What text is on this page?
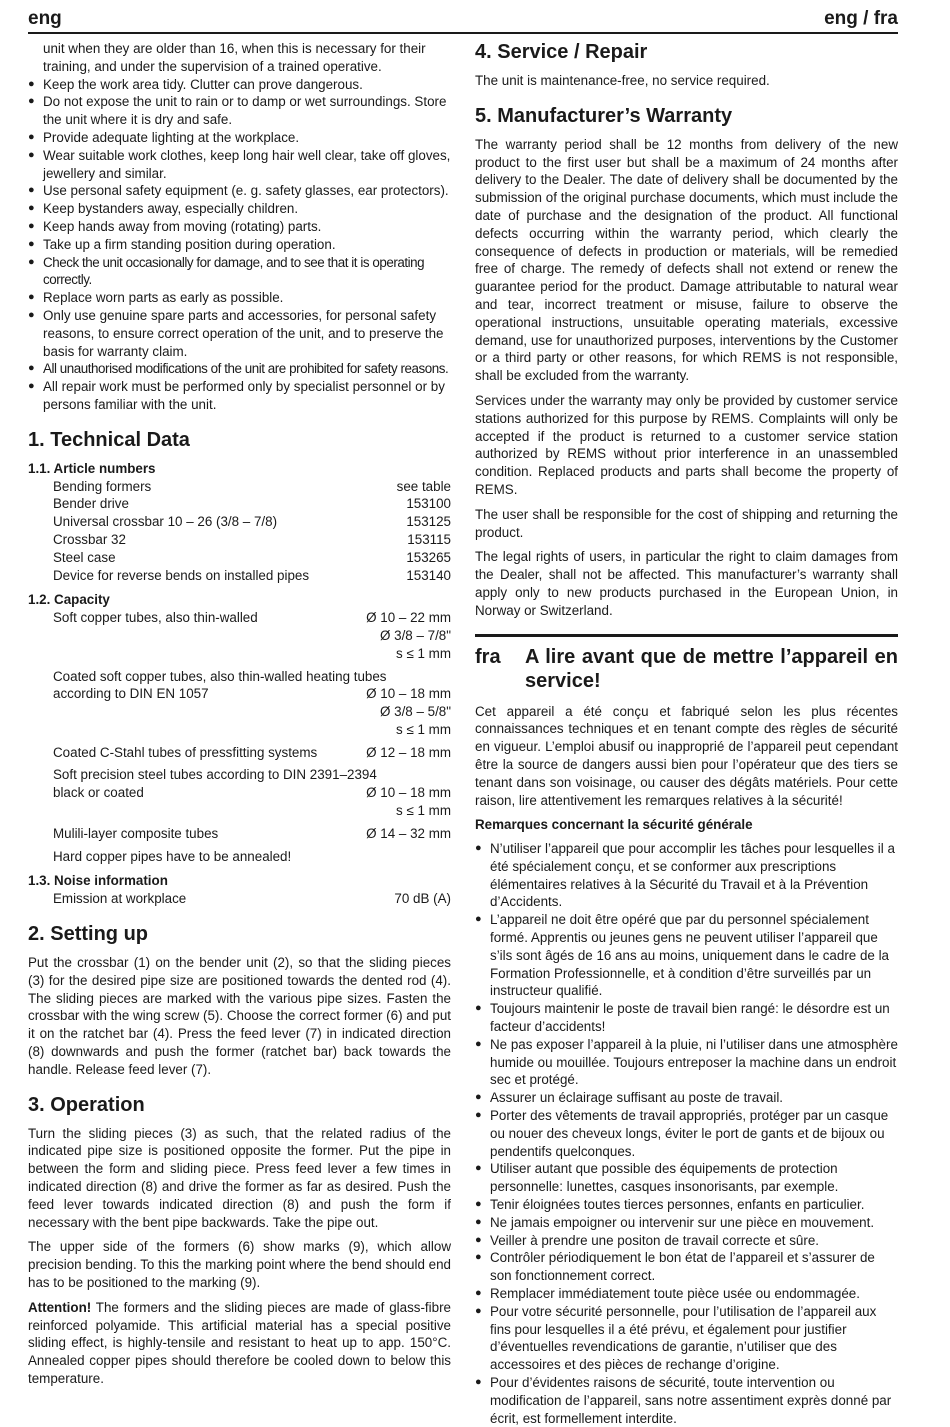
eng	eng / fra
unit when they are older than 16, when this is necessary for their training, and under the supervision of a trained operative.
● Keep the work area tidy. Clutter can prove dangerous.
● Do not expose the unit to rain or to damp or wet surroundings. Store the unit where it is dry and safe.
● Provide adequate lighting at the workplace.
● Wear suitable work clothes, keep long hair well clear, take off gloves, jewellery and similar.
● Use personal safety equipment (e. g. safety glasses, ear protectors).
● Keep bystanders away, especially children.
● Keep hands away from moving (rotating) parts.
● Take up a firm standing position during operation.
● Check the unit occasionally for damage, and to see that it is operating correctly.
● Replace worn parts as early as possible.
● Only use genuine spare parts and accessories, for personal safety reasons, to ensure correct operation of the unit, and to preserve the basis for warranty claim.
● All unauthorised modifications of the unit are prohibited for safety reasons.
● All repair work must be performed only by specialist personnel or by persons familiar with the unit.
1. Technical Data
1.1. Article numbers
Bending formers	see table
Bender drive	153100
Universal crossbar 10 – 26 (3/8 – 7/8)	153125
Crossbar 32	153115
Steel case	153265
Device for reverse bends on installed pipes	153140
1.2. Capacity
Soft copper tubes, also thin-walled	Ø 10 – 22 mm
Ø 3/8 – 7/8"
s ≤ 1 mm
Coated soft copper tubes, also thin-walled heating tubes
according to DIN EN 1057	Ø 10 – 18 mm
Ø 3/8 – 5/8"
s ≤ 1 mm
Coated C-Stahl tubes of pressfitting systems	Ø 12 – 18 mm
Soft precision steel tubes according to DIN 2391–2394
black or coated	Ø 10 – 18 mm
s ≤ 1 mm
Mulili-layer composite tubes	Ø 14 – 32 mm
Hard copper pipes have to be annealed!
1.3. Noise information
Emission at workplace	70 dB (A)
2. Setting up

Put the crossbar (1) on the bender unit (2), so that the sliding pieces (3) for the desired pipe size are positioned towards the dented rod (4). The sliding pieces are marked with the various pipe sizes. Fasten the crossbar with the wing screw (5). Choose the correct former (6) and put it on the ratchet bar (4). Press the feed lever (7) in indicated direction (8) downwards and push the former (ratchet bar) back towards the handle. Release feed lever (7).

3. Operation

Turn the sliding pieces (3) as such, that the related radius of the indicated pipe size is positioned opposite the former. Put the pipe in between the form and sliding piece. Press feed lever a few times in indicated direction (8) and drive the former as far as desired. Push the feed lever towards indicated direction (8) and push the form if necessary with the bent pipe backwards. Take the pipe out.

The upper side of the formers (6) show marks (9), which allow precision bending. To this the marking point where the bend should end has to be positioned to the marking (9).

Attention! The formers and the sliding pieces are made of glass-fibre reinforced polyamide. This artificial material has a special positive sliding effect, is highly-tensile and resistant to heat up to app. 150°C. Annealed copper pipes should therefore be cooled down to below this temperature.

4. Service / Repair

The unit is maintenance-free, no service required.

5. Manufacturer’s Warranty

The warranty period shall be 12 months from delivery of the new product to the first user but shall be a maximum of 24 months after delivery to the Dealer. The date of delivery shall be documented by the submission of the original purchase documents, which must include the date of purchase and the designation of the product. All functional defects occurring within the warranty period, which clearly the consequence of defects in production or materials, will be remedied free of charge. The remedy of defects shall not extend or renew the guarantee period for the product. Damage attributable to natural wear and tear, incorrect treatment or misuse, failure to observe the operational instructions, unsuitable operating materials, excessive demand, use for unauthorized purposes, interventions by the Customer or a third party or other reasons, for which REMS is not responsible, shall be excluded from the warranty.

Services under the warranty may only be provided by customer service stations authorized for this purpose by REMS. Complaints will only be accepted if the product is returned to a customer service station authorized by REMS without prior interference in an unassembled condition. Replaced products and parts shall become the property of REMS.

The user shall be responsible for the cost of shipping and returning the product.

The legal rights of users, in particular the right to claim damages from the Dealer, shall not be affected. This manufacturer’s warranty shall apply only to new products purchased in the European Union, in Norway or Switzerland.

fra	A lire avant que de mettre l’appareil en service!

Cet appareil a été conçu et fabriqué selon les plus récentes connaissances techniques et en tenant compte des règles de sécurité en vigueur. L’emploi abusif ou inapproprié de l’appareil peut cependant être la source de dangers aussi bien pour l’opérateur que des tiers se tenant dans son voisinage, ou causer des dégâts matériels. Pour cette raison, lire attentivement les remarques relatives à la sécurité!

Remarques concernant la sécurité générale
● N’utiliser l’appareil que pour accomplir les tâches pour lesquelles il a été spécialement conçu, et se conformer aux prescriptions élémentaires relatives à la Sécurité du Travail et à la Prévention d’Accidents.
● L’appareil ne doit être opéré que par du personnel spécialement formé. Apprentis ou jeunes gens ne peuvent utiliser l’appareil que s’ils sont âgés de 16 ans au moins, uniquement dans le cadre de la Formation Professionnelle, et à condition d’être surveillés par un instructeur qualifié.
● Toujours maintenir le poste de travail bien rangé: le désordre est un facteur d’accidents!
● Ne pas exposer l’appareil à la pluie, ni l’utiliser dans une atmosphère humide ou mouillée. Toujours entreposer la machine dans un endroit sec et protégé.
● Assurer un éclairage suffisant au poste de travail.
● Porter des vêtements de travail appropriés, protéger par un casque ou nouer des cheveux longs, éviter le port de gants et de bijoux ou pendentifs quelconques.
● Utiliser autant que possible des équipements de protection personnelle: lunettes, casques insonorisants, par exemple.
● Tenir éloignées toutes tierces personnes, enfants en particulier.
● Ne jamais empoigner ou intervenir sur une pièce en mouvement.
● Veiller à prendre une positon de travail correcte et sûre.
● Contrôler périodiquement le bon état de l’appareil et s’assurer de son fonctionnement correct.
● Remplacer immédiatement toute pièce usée ou endommagée.
● Pour votre sécurité personnelle, pour l’utilisation de l’appareil aux fins pour lesquelles il a été prévu, et également pour justifier d’éventuelles revendications de garantie, n’utiliser que des accessoires et des pièces de rechange d’origine.
● Pour d’évidentes raisons de sécurité, toute intervention ou modification de l’appareil, sans notre assentiment exprès donné par écrit, est formellement interdite.
